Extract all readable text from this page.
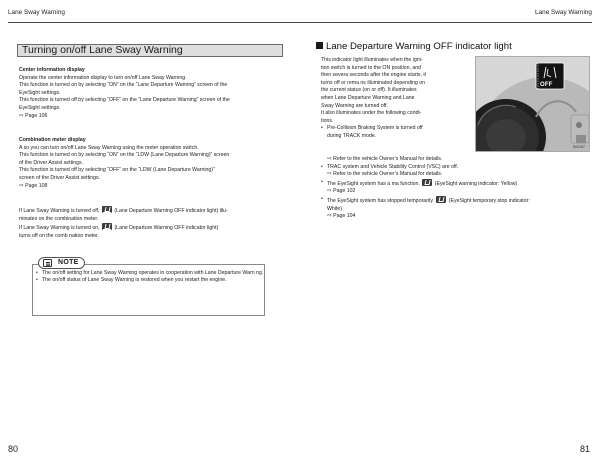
Lane Sway Warning	Lane Sway Warning
Turning on/off Lane Sway Warning
Center information display
Operate the center information display to turn on/off Lane Sway Warning.
This function is turned on by selecting “ON” on the “Lane Departure Warning” screen of the
EyeSight settings.
This function is turned off by selecting “OFF” on the “Lane Departure Warning” screen of the
EyeSight settings.
⇨ Page 106
Combination meter display
A so you can turn on/off Lane Sway Warning using the meter operation switch.
This function is turned on by selecting “ON” on the “LDW (Lane Departure Warning)” screen
of the Driver Assist settings.
This function is turned off by selecting “OFF” on the “LDW (Lane Departure Warning)”
screen of the Driver Assist settings.
⇨ Page 108
If Lane Sway Warning is turned off,	(Lane Departure Warning OFF indicator light) illu-
minates on the combination meter.
If Lane Sway Warning is turned on,	(Lane Departure Warning OFF indicator light)
turns off on the comb nation meter.
NOTE
• The on/off setting for Lane Sway Warning operates in cooperation with Lane Departure Warn ng.
• The on/off status of Lane Sway Warning is restored when you restart the engine.
Lane Departure Warning OFF indicator light
This indicator light illuminates when the igni-
tion switch is turned to the ON position, and
then severa seconds after the engine starts, it
turns off or rema ns illuminated depending on
the current status (on or off). It illuminates
when Lane Departure Warning and Lane
Sway Warning are turned off.
It also illuminates under the following condi-
tions.
• Pre-Collision Braking System is turned off
during TRACK mode.
⇨ Refer to the vehicle Owner’s Manual for details.
• TRAC system and Vehicle Stability Control (VSC) are off.
⇨ Refer to the vehicle Owner’s Manual for details.
• The EyeSight system has a ma function.	(EyeSight warning indicator: Yellow)
⇨ Page 102
• The EyeSight system has stopped temporarily.	(EyeSight temporary stop indicator:
White)
⇨ Page 104
OFF
S04167
80	81
